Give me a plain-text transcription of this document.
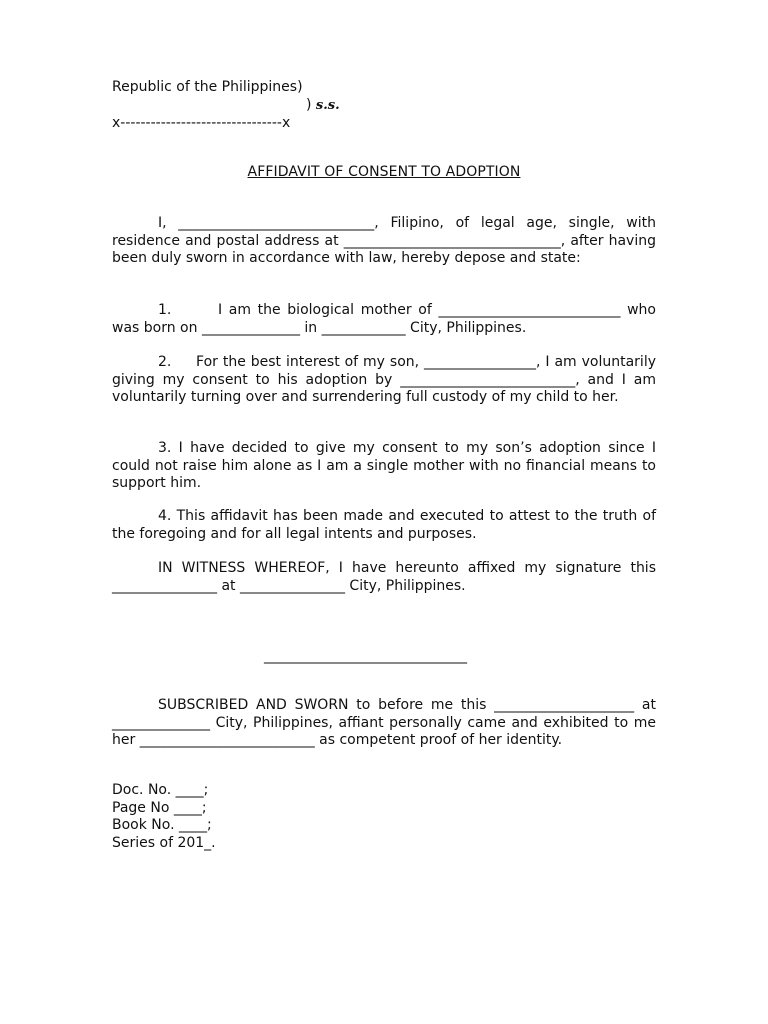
Republic of the Philippines)
) s.s.
x--------------------------------x
AFFIDAVIT OF CONSENT TO ADOPTION

I, ____________________________, Filipino, of legal age, single, with residence and postal address at _______________________________, after having been duly sworn in accordance with law, hereby depose and state:

1.       I am the biological mother of __________________________ who was born on ______________ in ____________ City, Philippines.

2.     For the best interest of my son, ________________, I am voluntarily giving my consent to his adoption by _________________________, and I am voluntarily turning over and surrendering full custody of my child to her.

3. I have decided to give my consent to my son’s adoption since I could not raise him alone as I am a single mother with no financial means to support him.

4. This affidavit has been made and executed to attest to the truth of the foregoing and for all legal intents and purposes.

IN WITNESS WHEREOF, I have hereunto affixed my signature this _______________ at _______________ City, Philippines.

_____________________________

SUBSCRIBED AND SWORN to before me this ____________________ at ______________ City, Philippines, affiant personally came and exhibited to me her _________________________ as competent proof of her identity.

Doc. No. ____;
Page No ____;
Book No. ____;
Series of 201_.
